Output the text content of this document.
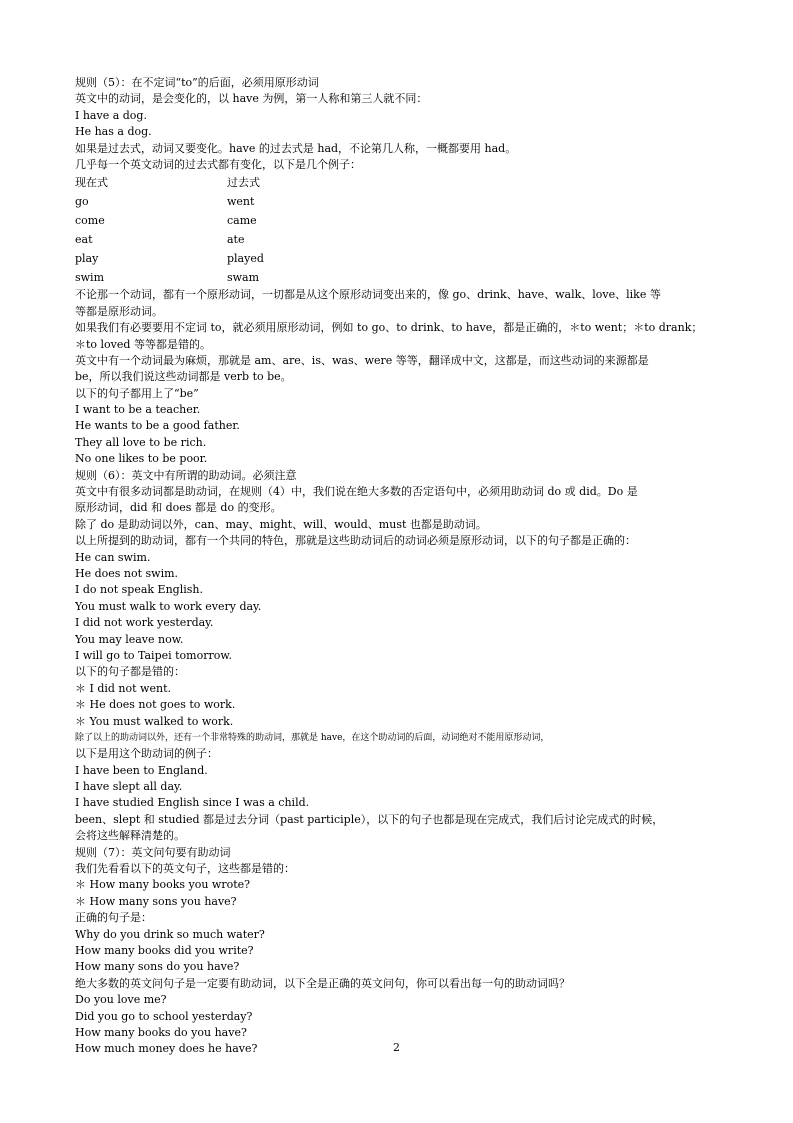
规则（5）：在不定词“to”的后面，必须用原形动词
英文中的动词，是会变化的，以 have 为例，第一人称和第三人就不同：
I have a dog.
He has a dog.
如果是过去式，动词又要变化。have 的过去式是 had，不论第几人称，一概都要用 had。
几乎每一个英文动词的过去式都有变化，以下是几个例子：
现在式	过去式
go	went
come	came
eat	ate
play	played
swim	swam
不论那一个动词，都有一个原形动词，一切都是从这个原形动词变出来的，像 go、drink、have、walk、love、like 等
等都是原形动词。
如果我们有必要要用不定词 to，就必须用原形动词，例如 to go、to drink、to have，都是正确的，＊to went；＊to drank；
＊to loved 等等都是错的。
英文中有一个动词最为麻烦，那就是 am、are、is、was、were 等等，翻译成中文，这都是，而这些动词的来源都是
be，所以我们说这些动词都是 verb to be。
以下的句子都用上了“be”
I want to be a teacher.
He wants to be a good father.
They all love to be rich.
No one likes to be poor.
规则（6）：英文中有所谓的助动词。必须注意
英文中有很多动词都是助动词，在规则（4）中，我们说在绝大多数的否定语句中，必须用助动词 do 或 did。Do 是
原形动词，did 和 does 都是 do 的变形。
除了 do 是助动词以外，can、may、might、will、would、must 也都是助动词。
以上所提到的助动词，都有一个共同的特色，那就是这些助动词后的动词必须是原形动词，以下的句子都是正确的：
He can swim.
He does not swim.
I do not speak English.
You must walk to work every day.
I did not work yesterday.
You may leave now.
I will go to Taipei tomorrow.
以下的句子都是错的：
＊ I did not went.
＊ He does not goes to work.
＊ You must walked to work.
除了以上的助动词以外，还有一个非常特殊的助动词，那就是 have，在这个助动词的后面，动词绝对不能用原形动词，
以下是用这个助动词的例子：
I have been to England.
I have slept all day.
I have studied English since I was a child.
been、slept 和 studied 都是过去分词（past participle），以下的句子也都是现在完成式，我们后讨论完成式的时候，
会将这些解释清楚的。
规则（7）：英文问句要有助动词
我们先看看以下的英文句子，这些都是错的：
＊ How many books you wrote?
＊ How many sons you have?
正确的句子是：
Why do you drink so much water?
How many books did you write?
How many sons do you have?
绝大多数的英文问句子是一定要有助动词，以下全是正确的英文问句，你可以看出每一句的助动词吗？
Do you love me?
Did you go to school yesterday?
How many books do you have?
How much money does he have?	2
